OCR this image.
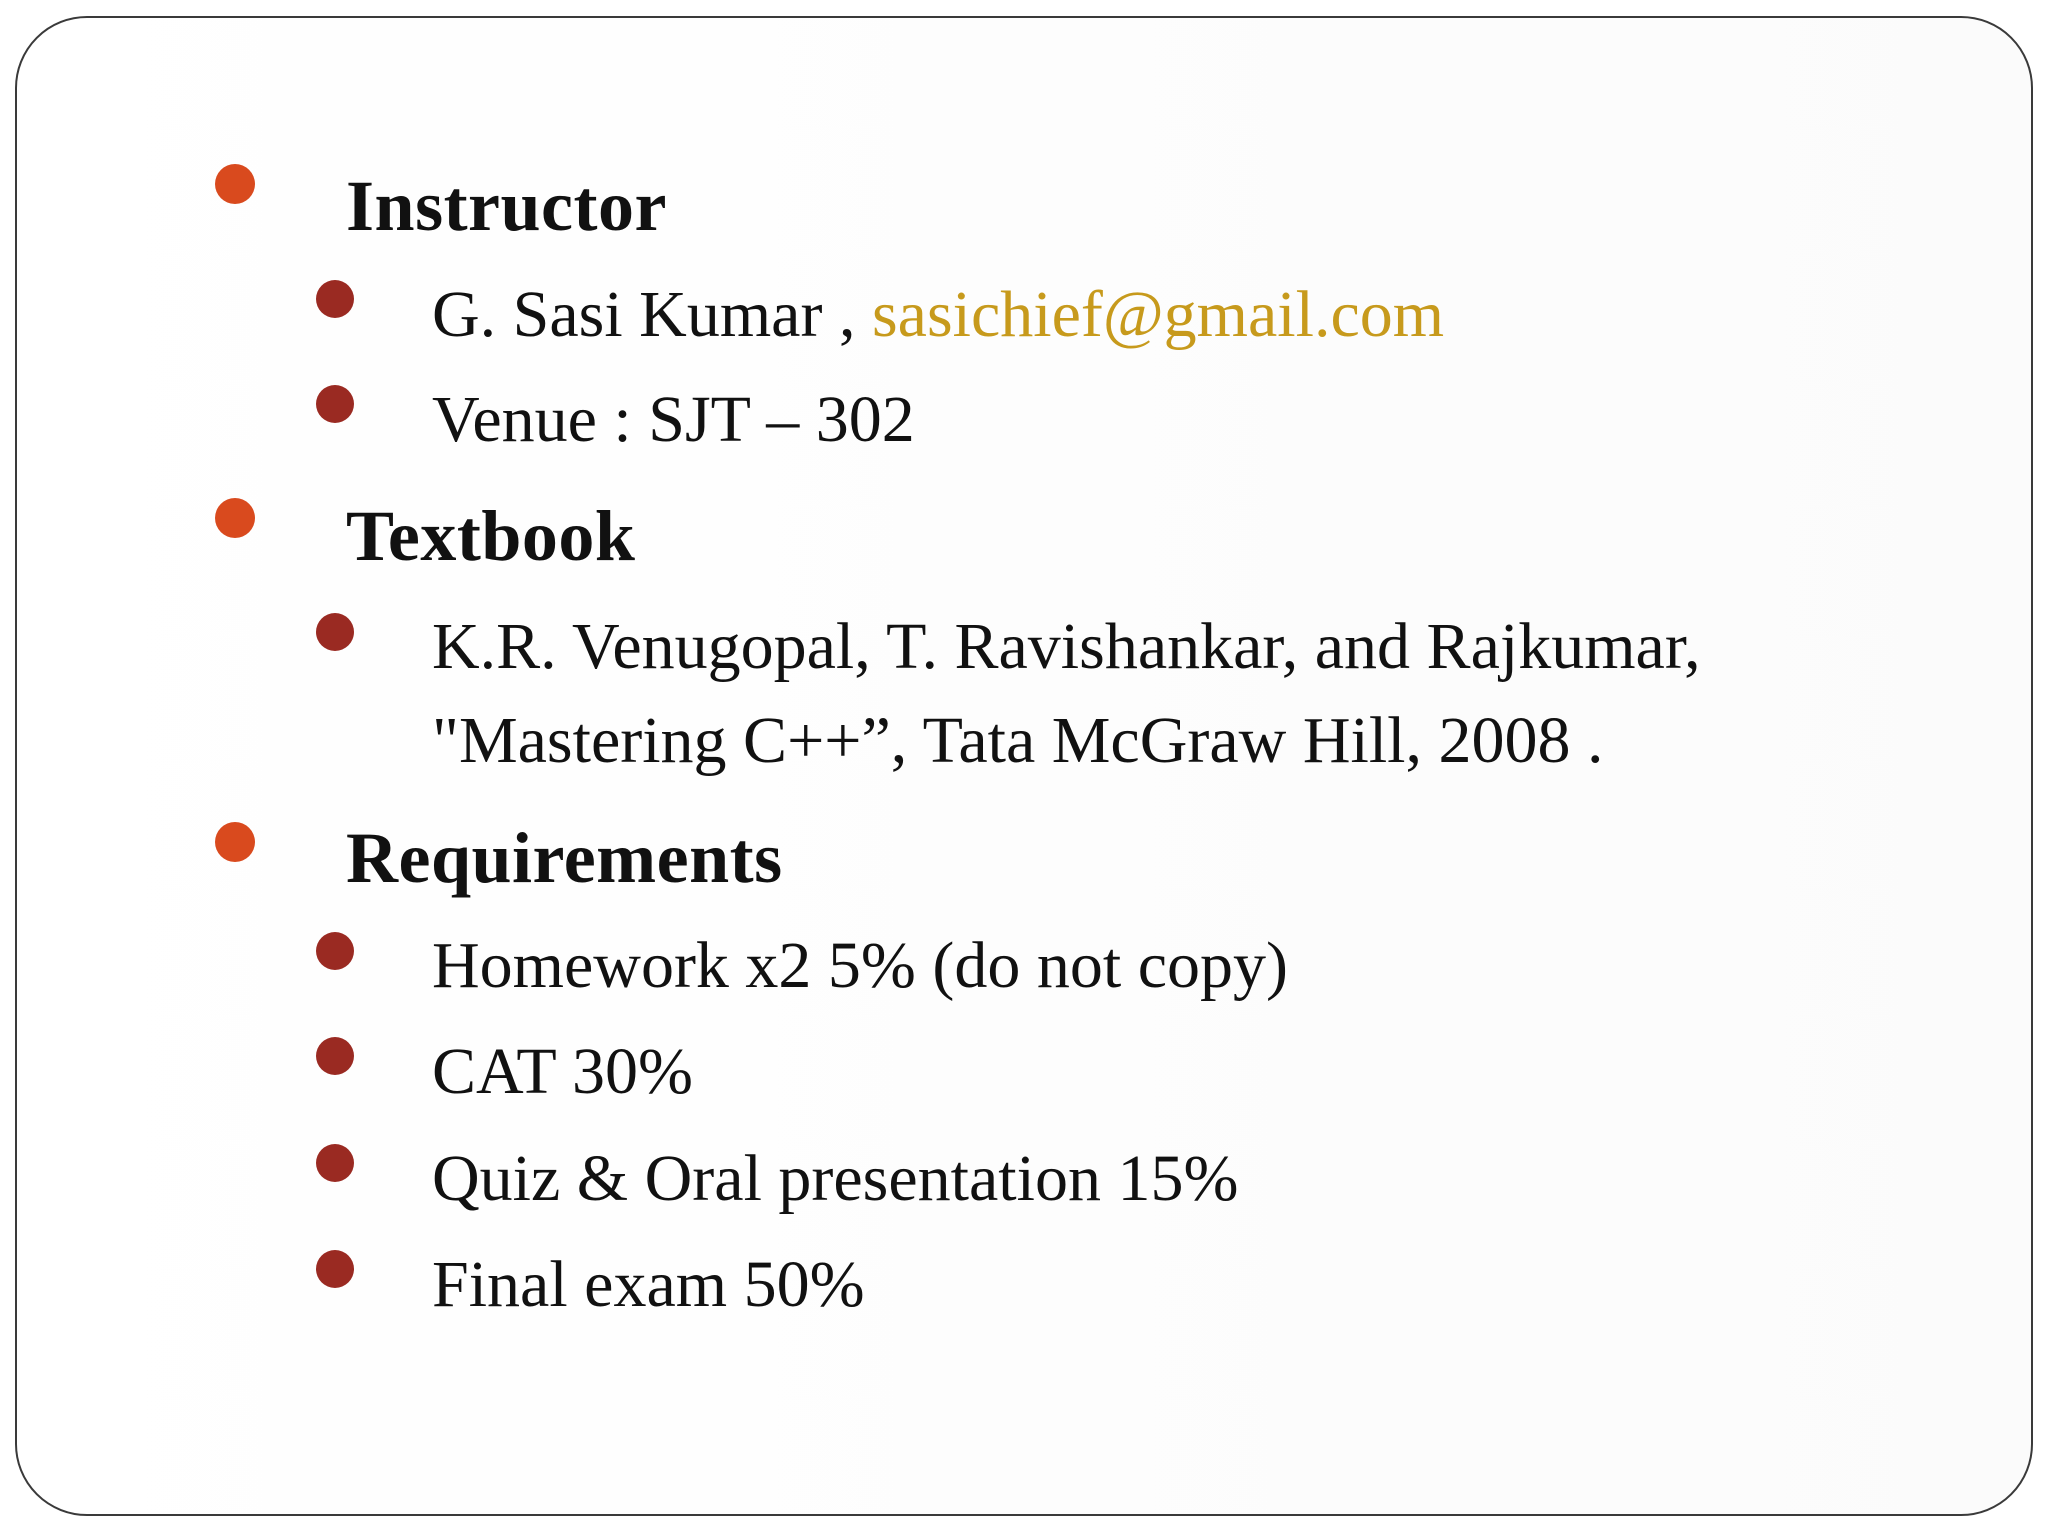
Instructor
G. Sasi Kumar , sasichief@gmail.com
Venue : SJT – 302
Textbook
K.R. Venugopal, T. Ravishankar, and Rajkumar,
"Mastering C++”, Tata McGraw Hill, 2008 .
Requirements
Homework x2 5% (do not copy)
CAT 30%
Quiz & Oral presentation 15%
Final exam 50%
